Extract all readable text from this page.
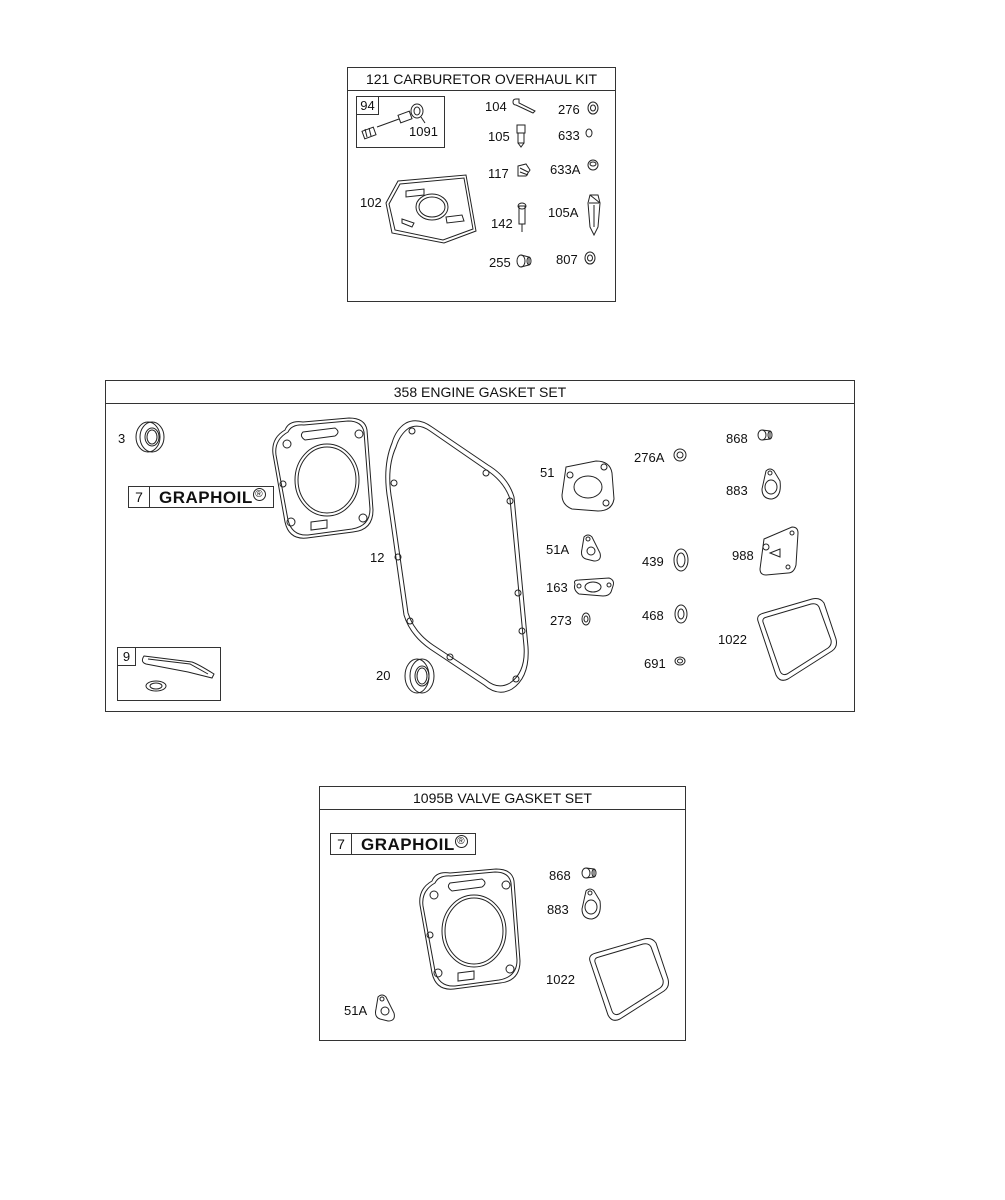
121 CARBURETOR OVERHAUL KIT
94
1091
104	276
105	633
117	633A
102
142
105A
255	807
358 ENGINE GASKET SET
3
7 GRAPHOIL ®
12
20
9
51
51A
163
273
276A
439
468
691
868
883
988
1022
1095B VALVE GASKET SET
7 GRAPHOIL ®
868
883
1022
51A
